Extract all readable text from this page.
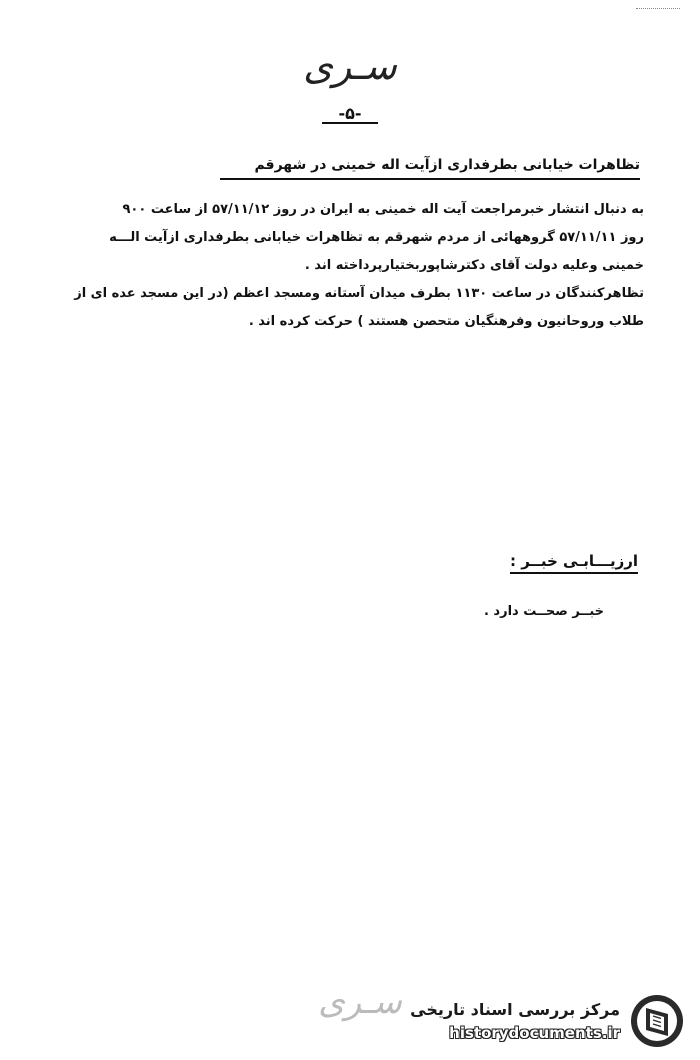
سـری
-۵-
تظاهرات خیابانی بطرفداری ازآیت اله خمینی در شهرقم

به دنبال انتشار خبرمراجعت آیت اله خمینی به ایران در روز ۵۷/۱۱/۱۲ از ساعت ۹۰۰

روز ۵۷/۱۱/۱۱ گروههائی از مردم شهرقم به تظاهرات خیابانی بطرفداری ازآیت الـــه

خمینی وعلیه دولت آقای دکترشاپوربختیارپرداخته اند .

تظاهرکنندگان در ساعت ۱۱۳۰ بطرف میدان آستانه ومسجد اعظم (در این مسجد عده ای از

طلاب وروحانیون وفرهنگیان متحصن هستند ) حرکت کرده اند .

ارزیـــابـی خبــر :
خبــر صحــت دارد .
سـری مرکز بررسی اسناد تاریخی
historydocuments.ir
